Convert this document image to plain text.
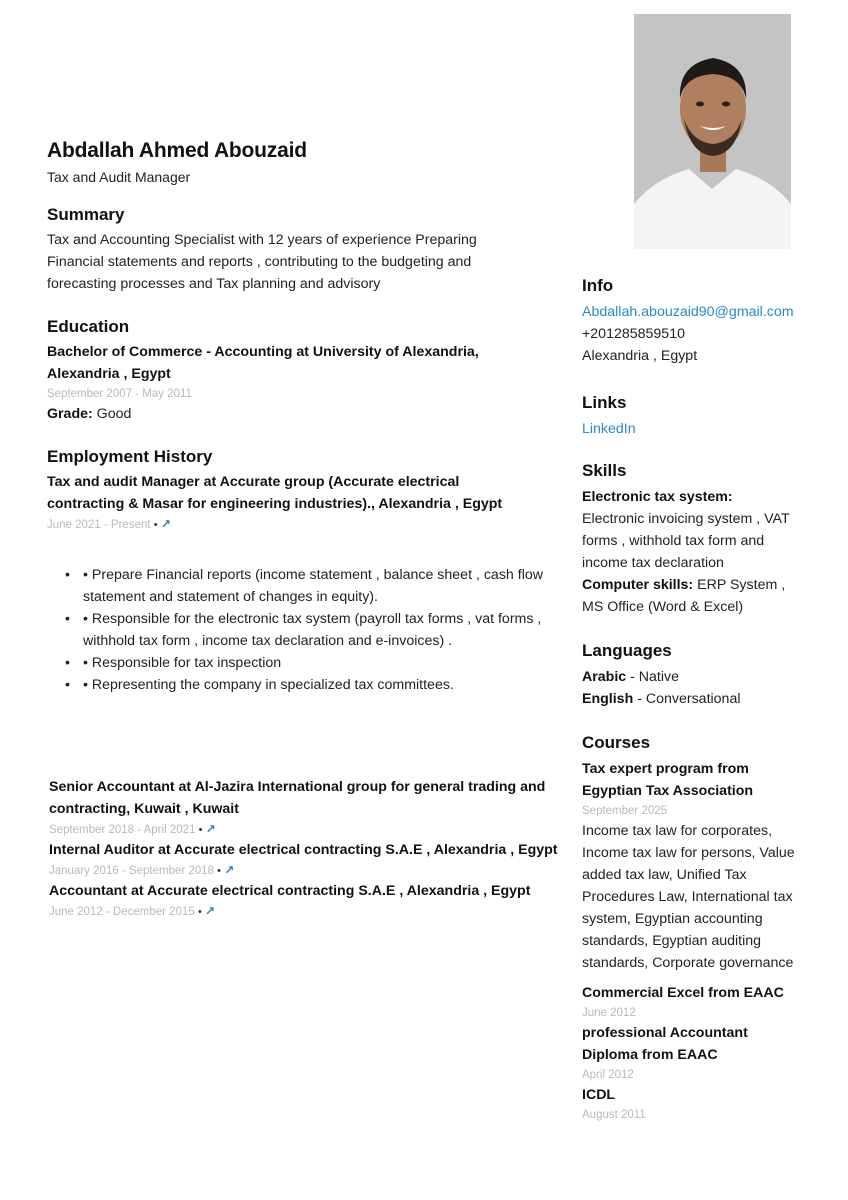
Abdallah Ahmed Abouzaid
Tax and Audit Manager
Summary
Tax and Accounting Specialist with 12 years of experience Preparing Financial statements and reports , contributing to the budgeting and forecasting processes and Tax planning and advisory
Education
Bachelor of Commerce - Accounting at University of Alexandria, Alexandria , Egypt
September 2007 - May 2011
Grade: Good
Employment History
Tax and audit Manager at Accurate group (Accurate electrical contracting & Masar for engineering industries)., Alexandria , Egypt
June 2021 - Present • ↗
• • Prepare Financial reports (income statement , balance sheet , cash flow statement and statement of changes in equity).
• • Responsible for the electronic tax system (payroll tax forms , vat forms , withhold tax form , income tax declaration and e-invoices) .
• • Responsible for tax inspection
• • Representing the company in specialized tax committees.
Senior Accountant at Al-Jazira International group for general trading and contracting, Kuwait , Kuwait
September 2018 - April 2021 • ↗
Internal Auditor at Accurate electrical contracting S.A.E , Alexandria , Egypt
January 2016 - September 2018 • ↗
Accountant at Accurate electrical contracting S.A.E , Alexandria , Egypt
June 2012 - December 2015 • ↗
Info
Abdallah.abouzaid90@gmail.com
+201285859510
Alexandria , Egypt
Links
LinkedIn
Skills
Electronic tax system: Electronic invoicing system , VAT forms , withhold tax form and income tax declaration
Computer skills: ERP System , MS Office (Word & Excel)
Languages
Arabic - Native
English - Conversational
Courses
Tax expert program from Egyptian Tax Association
September 2025
Income tax law for corporates, Income tax law for persons, Value added tax law, Unified Tax Procedures Law, International tax system, Egyptian accounting standards, Egyptian auditing standards, Corporate governance
Commercial Excel from EAAC
June 2012
professional Accountant Diploma from EAAC
April 2012
ICDL
August 2011
